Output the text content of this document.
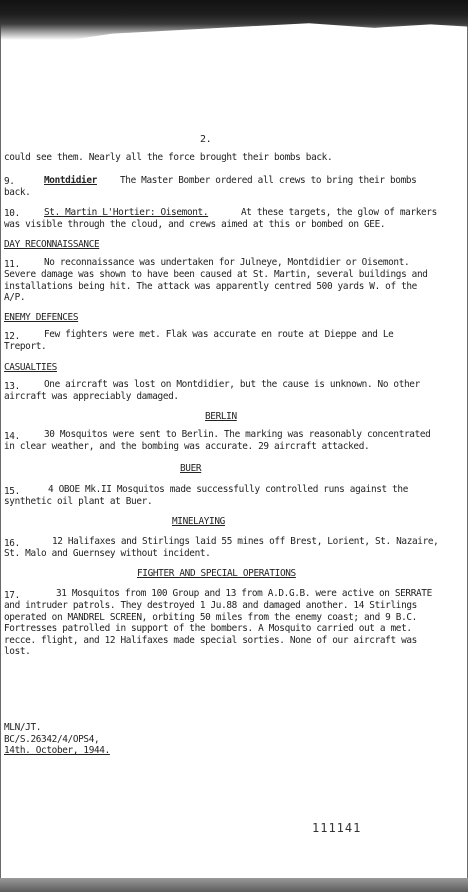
2.
could see them. Nearly all the force brought their bombs back.
9.	Montdidier The Master Bomber ordered all crews to bring their bombs
back.
10.	St. Martin L'Hortier: Oisemont.	At these targets, the glow of markers
was visible through the cloud, and crews aimed at this or bombed on GEE.
DAY RECONNAISSANCE
11.	No reconnaissance was undertaken for Julneye, Montdidier or Oisemont.
Severe damage was shown to have been caused at St. Martin, several buildings and
installations being hit. The attack was apparently centred 500 yards W. of the
A/P.
ENEMY DEFENCES
12.	Few fighters were met. Flak was accurate en route at Dieppe and Le
Treport.
CASUALTIES
13.	One aircraft was lost on Montdidier, but the cause is unknown. No other
aircraft was appreciably damaged.
BERLIN
14.	30 Mosquitos were sent to Berlin. The marking was reasonably concentrated
in clear weather, and the bombing was accurate. 29 aircraft attacked.
BUER
15.	4 OBOE Mk.II Mosquitos made successfully controlled runs against the
synthetic oil plant at Buer.
MINELAYING
16.	12 Halifaxes and Stirlings laid 55 mines off Brest, Lorient, St. Nazaire,
St. Malo and Guernsey without incident.
FIGHTER AND SPECIAL OPERATIONS
17.	31 Mosquitos from 100 Group and 13 from A.D.G.B. were active on SERRATE
and intruder patrols. They destroyed 1 Ju.88 and damaged another. 14 Stirlings
operated on MANDREL SCREEN, orbiting 50 miles from the enemy coast; and 9 B.C.
Fortresses patrolled in support of the bombers. A Mosquito carried out a met.
recce. flight, and 12 Halifaxes made special sorties. None of our aircraft was
lost.
MLN/JT.
BC/S.26342/4/OPS4,
14th. October, 1944.
111141
